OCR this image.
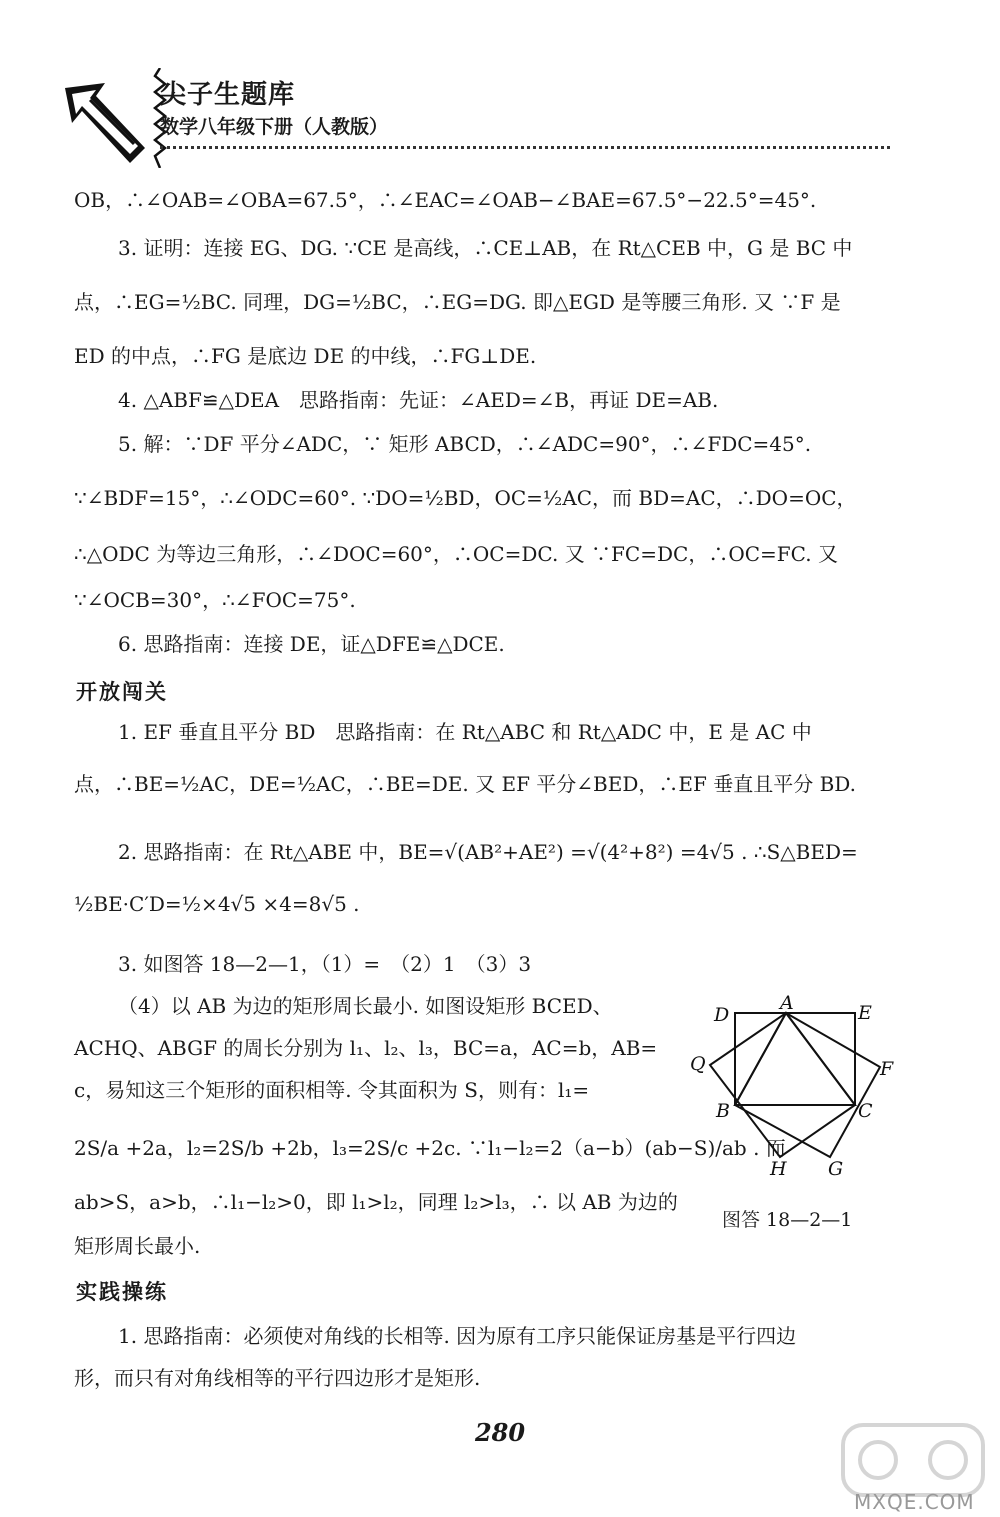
尖子生题库
数学八年级下册（人教版）
OB，∴∠OAB=∠OBA=67.5°，∴∠EAC=∠OAB−∠BAE=67.5°−22.5°=45°.
3. 证明：连接 EG、DG. ∵CE 是高线，∴CE⊥AB，在 Rt△CEB 中，G 是 BC 中
点，∴EG=½BC. 同理，DG=½BC，∴EG=DG. 即△EGD 是等腰三角形. 又 ∵F 是
ED 的中点，∴FG 是底边 DE 的中线，∴FG⊥DE.
4. △ABF≌△DEA　思路指南：先证：∠AED=∠B，再证 DE=AB.
5. 解：∵DF 平分∠ADC，∵ 矩形 ABCD，∴∠ADC=90°，∴∠FDC=45°.
∵∠BDF=15°，∴∠ODC=60°. ∵DO=½BD，OC=½AC，而 BD=AC，∴DO=OC，
∴△ODC 为等边三角形，∴∠DOC=60°，∴OC=DC. 又 ∵FC=DC，∴OC=FC. 又
∵∠OCB=30°，∴∠FOC=75°.
6. 思路指南：连接 DE，证△DFE≌△DCE.
开放闯关
1. EF 垂直且平分 BD　思路指南：在 Rt△ABC 和 Rt△ADC 中，E 是 AC 中
点，∴BE=½AC，DE=½AC，∴BE=DE. 又 EF 平分∠BED，∴EF 垂直且平分 BD.
2. 思路指南：在 Rt△ABE 中，BE=√(AB²+AE²) =√(4²+8²) =4√5 . ∴S△BED=
½BE·C′D=½×4√5 ×4=8√5 .
3. 如图答 18—2—1，（1）=　（2）1　（3）3
（4）以 AB 为边的矩形周长最小. 如图设矩形 BCED、
ACHQ、ABGF 的周长分别为 l₁、l₂、l₃，BC=a，AC=b，AB=
c，易知这三个矩形的面积相等. 令其面积为 S，则有：l₁=
2S/a +2a，l₂=2S/b +2b，l₃=2S/c +2c. ∵l₁−l₂=2（a−b）(ab−S)/ab . 而
ab>S，a>b，∴l₁−l₂>0，即 l₁>l₂，同理 l₂>l₃，∴ 以 AB 为边的
矩形周长最小.
D
A	E
Q	F
B	C
H G
图答 18—2—1
实践操练
1. 思路指南：必须使对角线的长相等. 因为原有工序只能保证房基是平行四边
形，而只有对角线相等的平行四边形才是矩形.
280
MXQE.COM
